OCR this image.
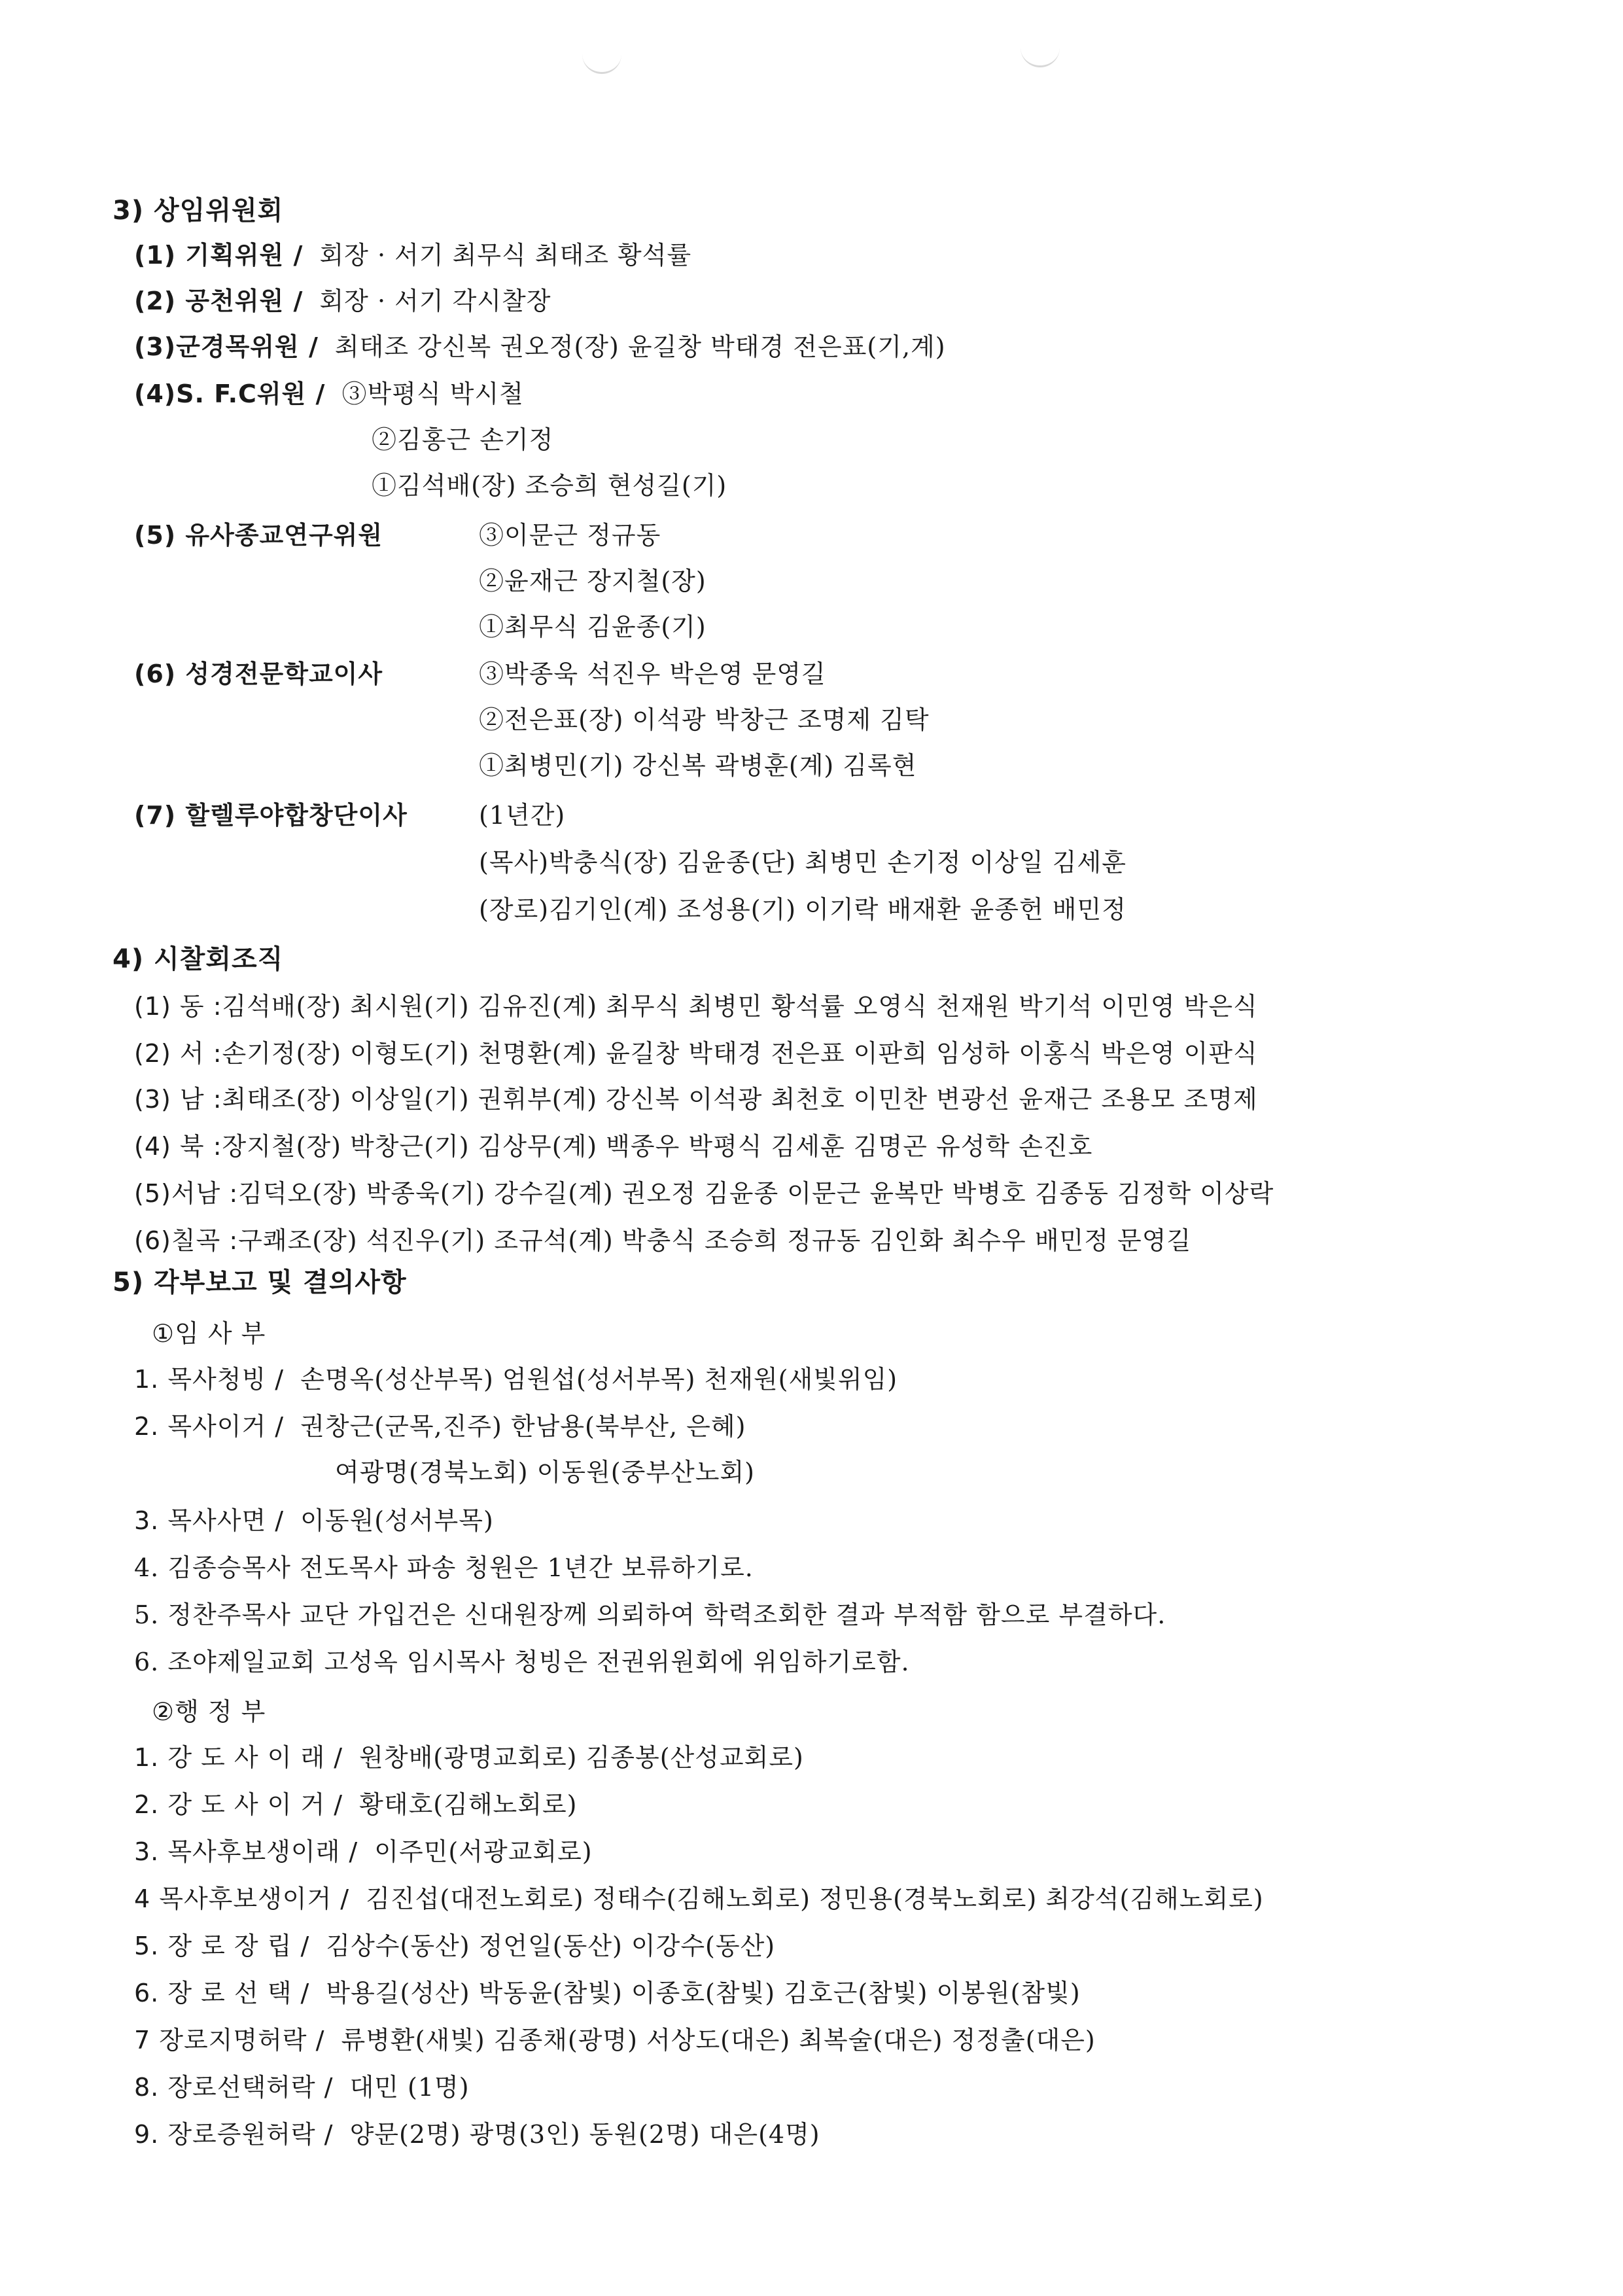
3) 상임위원회
(1) 기획위원 / 회장 · 서기 최무식 최태조 황석률
(2) 공천위원 / 회장 · 서기 각시찰장
(3)군경목위원 / 최태조 강신복 권오정(장) 윤길창 박태경 전은표(기,계)
(4)S. F.C위원 / ③박평식 박시철
②김홍근 손기정
①김석배(장) 조승희 현성길(기)
(5) 유사종교연구위원	③이문근 정규동
②윤재근 장지철(장)
①최무식 김윤종(기)
(6) 성경전문학교이사	③박종욱 석진우 박은영 문영길
②전은표(장) 이석광 박창근 조명제 김탁
①최병민(기) 강신복 곽병훈(계) 김록현
(7) 할렐루야합창단이사	(1년간)
(목사)박충식(장) 김윤종(단) 최병민 손기정 이상일 김세훈
(장로)김기인(계) 조성용(기) 이기락 배재환 윤종헌 배민정
4) 시찰회조직
(1) 동 :김석배(장) 최시원(기) 김유진(계) 최무식 최병민 황석률 오영식 천재원 박기석 이민영 박은식
(2) 서 :손기정(장) 이형도(기) 천명환(계) 윤길창 박태경 전은표 이판희 임성하 이홍식 박은영 이판식
(3) 남 :최태조(장) 이상일(기) 권휘부(계) 강신복 이석광 최천호 이민찬 변광선 윤재근 조용모 조명제
(4) 북 :장지철(장) 박창근(기) 김상무(계) 백종우 박평식 김세훈 김명곤 유성학 손진호
(5)서남 :김덕오(장) 박종욱(기) 강수길(계) 권오정 김윤종 이문근 윤복만 박병호 김종동 김정학 이상락
(6)칠곡 :구쾌조(장) 석진우(기) 조규석(계) 박충식 조승희 정규동 김인화 최수우 배민정 문영길
5) 각부보고 및 결의사항
①임 사 부
1. 목사청빙 / 손명옥(성산부목) 엄원섭(성서부목) 천재원(새빛위임)
2. 목사이거 / 권창근(군목,진주) 한남용(북부산, 은혜)
여광명(경북노회) 이동원(중부산노회)
3. 목사사면 / 이동원(성서부목)
4. 김종승목사 전도목사 파송 청원은 1년간 보류하기로.
5. 정찬주목사 교단 가입건은 신대원장께 의뢰하여 학력조회한 결과 부적함 함으로 부결하다.
6. 조야제일교회 고성옥 임시목사 청빙은 전권위원회에 위임하기로함.
②행 정 부
1. 강 도 사 이 래 / 원창배(광명교회로) 김종봉(산성교회로)
2. 강 도 사 이 거 / 황태호(김해노회로)
3. 목사후보생이래 / 이주민(서광교회로)
4 목사후보생이거 / 김진섭(대전노회로) 정태수(김해노회로) 정민용(경북노회로) 최강석(김해노회로)
5. 장 로 장 립 / 김상수(동산) 정언일(동산) 이강수(동산)
6. 장 로 선 택 / 박용길(성산) 박동윤(참빛) 이종호(참빛) 김호근(참빛) 이봉원(참빛)
7 장로지명허락 / 류병환(새빛) 김종채(광명) 서상도(대은) 최복술(대은) 정정출(대은)
8. 장로선택허락 / 대민 (1명)
9. 장로증원허락 / 양문(2명) 광명(3인) 동원(2명) 대은(4명)
